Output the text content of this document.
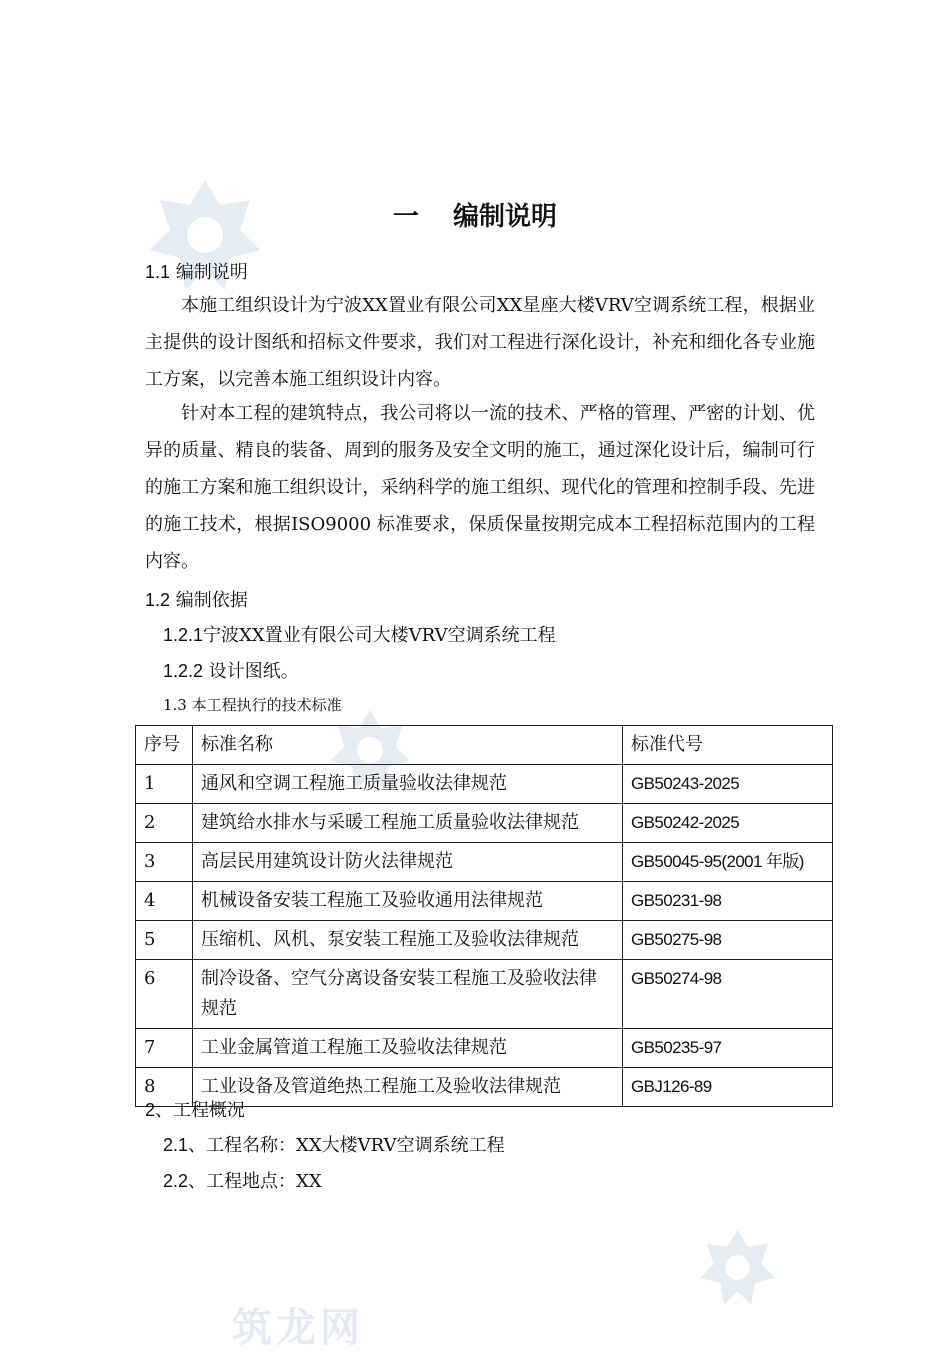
筑龙网
一 编制说明
1.1 编制说明

本施工组织设计为宁波XX置业有限公司XX星座大楼VRV空调系统工程，根据业主提供的设计图纸和招标文件要求，我们对工程进行深化设计，补充和细化各专业施工方案，以完善本施工组织设计内容。

针对本工程的建筑特点，我公司将以一流的技术、严格的管理、严密的计划、优异的质量、精良的装备、周到的服务及安全文明的施工，通过深化设计后，编制可行的施工方案和施工组织设计，采纳科学的施工组织、现代化的管理和控制手段、先进的施工技术，根据ISO9000 标准要求，保质保量按期完成本工程招标范围内的工程内容。

1.2 编制依据
1.2.1宁波XX置业有限公司大楼VRV空调系统工程
1.2.2 设计图纸。
1.3 本工程执行的技术标准
序号	标准名称	标准代号
1	通风和空调工程施工质量验收法律规范	GB50243-2025
2	建筑给水排水与采暖工程施工质量验收法律规范	GB50242-2025
3	高层民用建筑设计防火法律规范	GB50045-95(2001 年版)
4	机械设备安装工程施工及验收通用法律规范	GB50231-98
5	压缩机、风机、泵安装工程施工及验收法律规范	GB50275-98
6	制冷设备、空气分离设备安装工程施工及验收法律规范	GB50274-98
7	工业金属管道工程施工及验收法律规范	GB50235-97
8	工业设备及管道绝热工程施工及验收法律规范	GBJ126-89
2、工程概况
2.1、工程名称：XX大楼VRV空调系统工程
2.2、工程地点：XX
